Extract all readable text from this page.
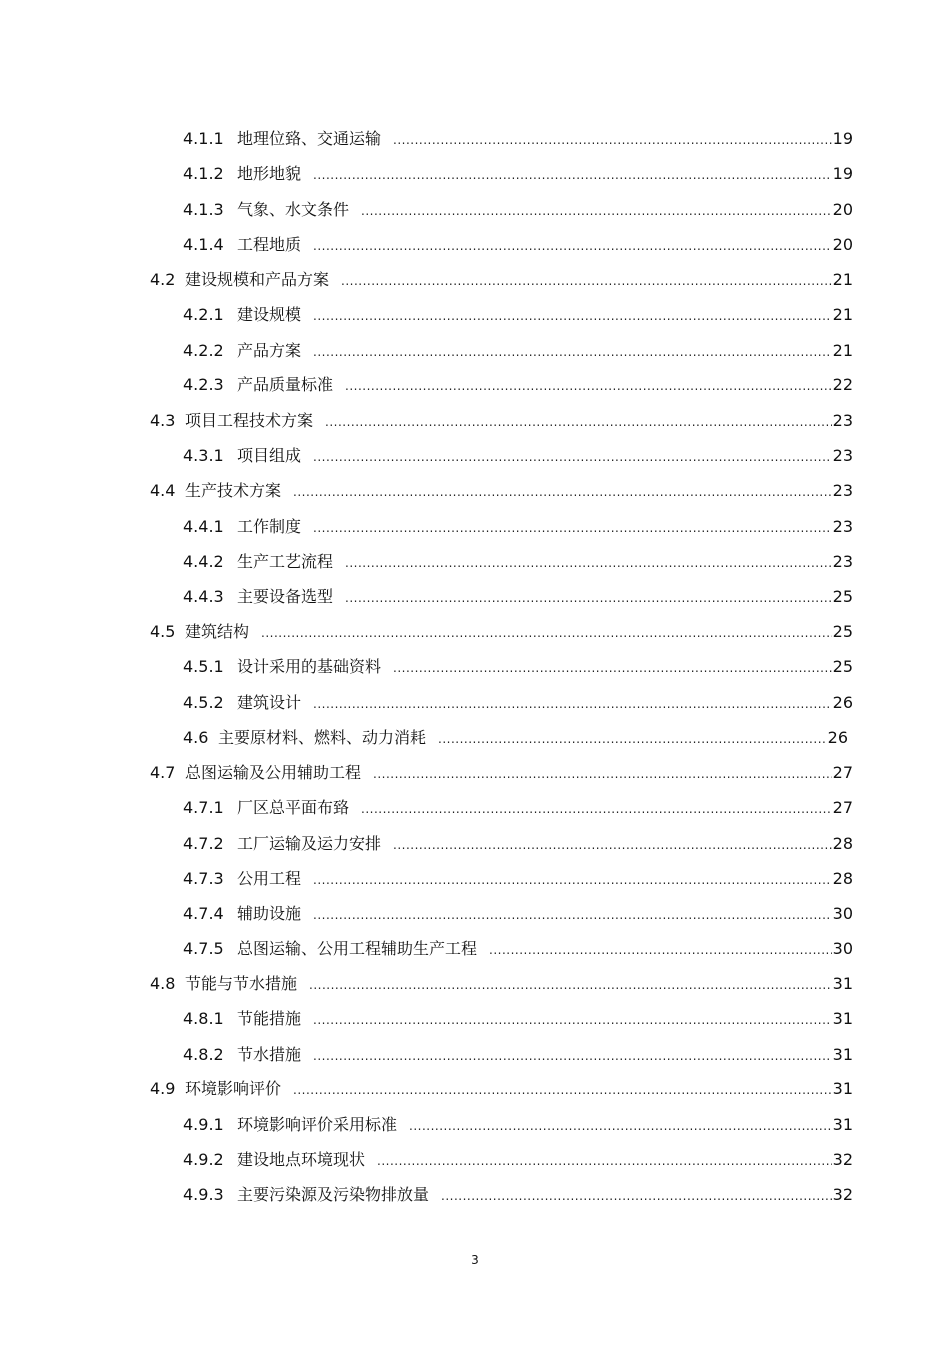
4.1.1 地理位臵、交通运输 .....	19
4.1.2 地形地貌 .....	19
4.1.3 气象、水文条件 .....	20
4.1.4 工程地质 .....	20
4.2 建设规模和产品方案 .....	21
4.2.1 建设规模 .....	21
4.2.2 产品方案 .....	21
4.2.3 产品质量标准 .....	22
4.3 项目工程技术方案 .....	23
4.3.1 项目组成 .....	23
4.4 生产技术方案 .....	23
4.4.1 工作制度 .....	23
4.4.2 生产工艺流程 .....	23
4.4.3 主要设备选型 .....	25
4.5 建筑结构 .....	25
4.5.1 设计采用的基础资料 .....	25
4.5.2 建筑设计 .....	26
4.6 主要原材料、燃料、动力消耗 .....	26
4.7 总图运输及公用辅助工程 .....	27
4.7.1 厂区总平面布臵 .....	27
4.7.2 工厂运输及运力安排 .....	28
4.7.3 公用工程 .....	28
4.7.4 辅助设施 .....	30
4.7.5 总图运输、公用工程辅助生产工程 .....	30
4.8 节能与节水措施 .....	31
4.8.1 节能措施 .....	31
4.8.2 节水措施 .....	31
4.9 环境影响评价 .....	31
4.9.1 环境影响评价采用标准 .....	31
4.9.2 建设地点环境现状 .....	32
4.9.3 主要污染源及污染物排放量 .....	32
3
